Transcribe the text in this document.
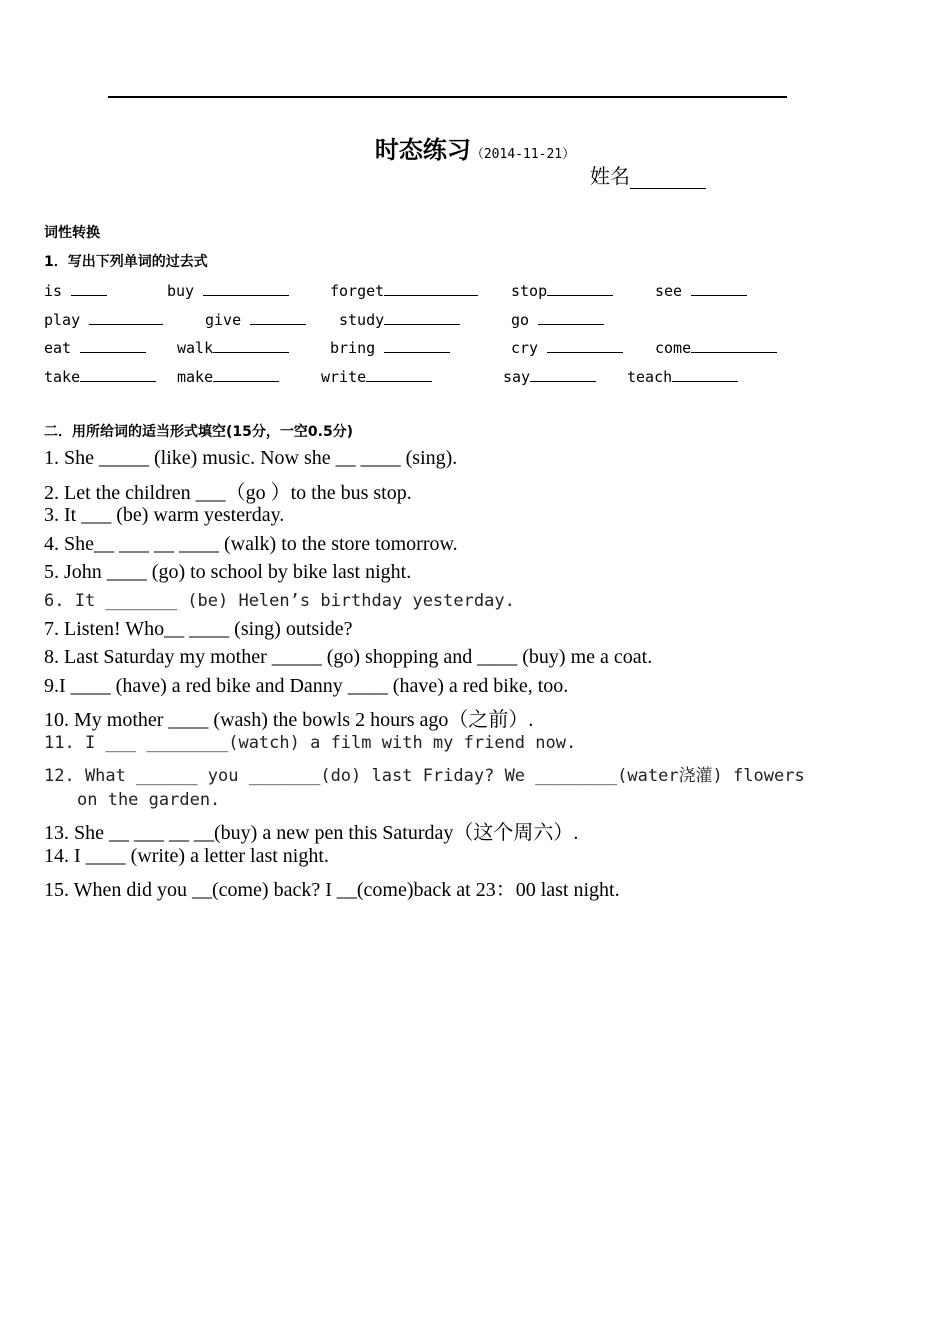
时态练习（2014-11-21）
姓名
词性转换
1．写出下列单词的过去式
is	buy	forget	stop	see
play	give	study	go
eat	walk	bring	cry	come
take	make	write	say	teach
二．用所给词的适当形式填空(15分，一空0.5分)
1. She _____ (like) music. Now she __ ____ (sing).
2. Let the children ___（go ）to the bus stop.
3. It ___ (be) warm yesterday.
4. She__ ___ __ ____ (walk) to the store tomorrow.
5. John ____ (go) to school by bike last night.
6. It _______ (be) Helen’s birthday yesterday.
7. Listen! Who__ ____ (sing) outside?
8. Last Saturday my mother _____ (go) shopping and ____ (buy) me a coat.
9.I ____ (have) a red bike and Danny ____ (have) a red bike, too.
10. My mother ____ (wash) the bowls 2 hours ago（之前）.
11. I ___ ________(watch) a film with my friend now.
12. What ______ you _______(do) last Friday? We ________(water浇灌) flowers
on the garden.
13. She __ ___ __ __(buy) a new pen this Saturday（这个周六）.
14. I ____ (write) a letter last night.
15. When did you __(come) back? I __(come)back at 23：00 last night.
